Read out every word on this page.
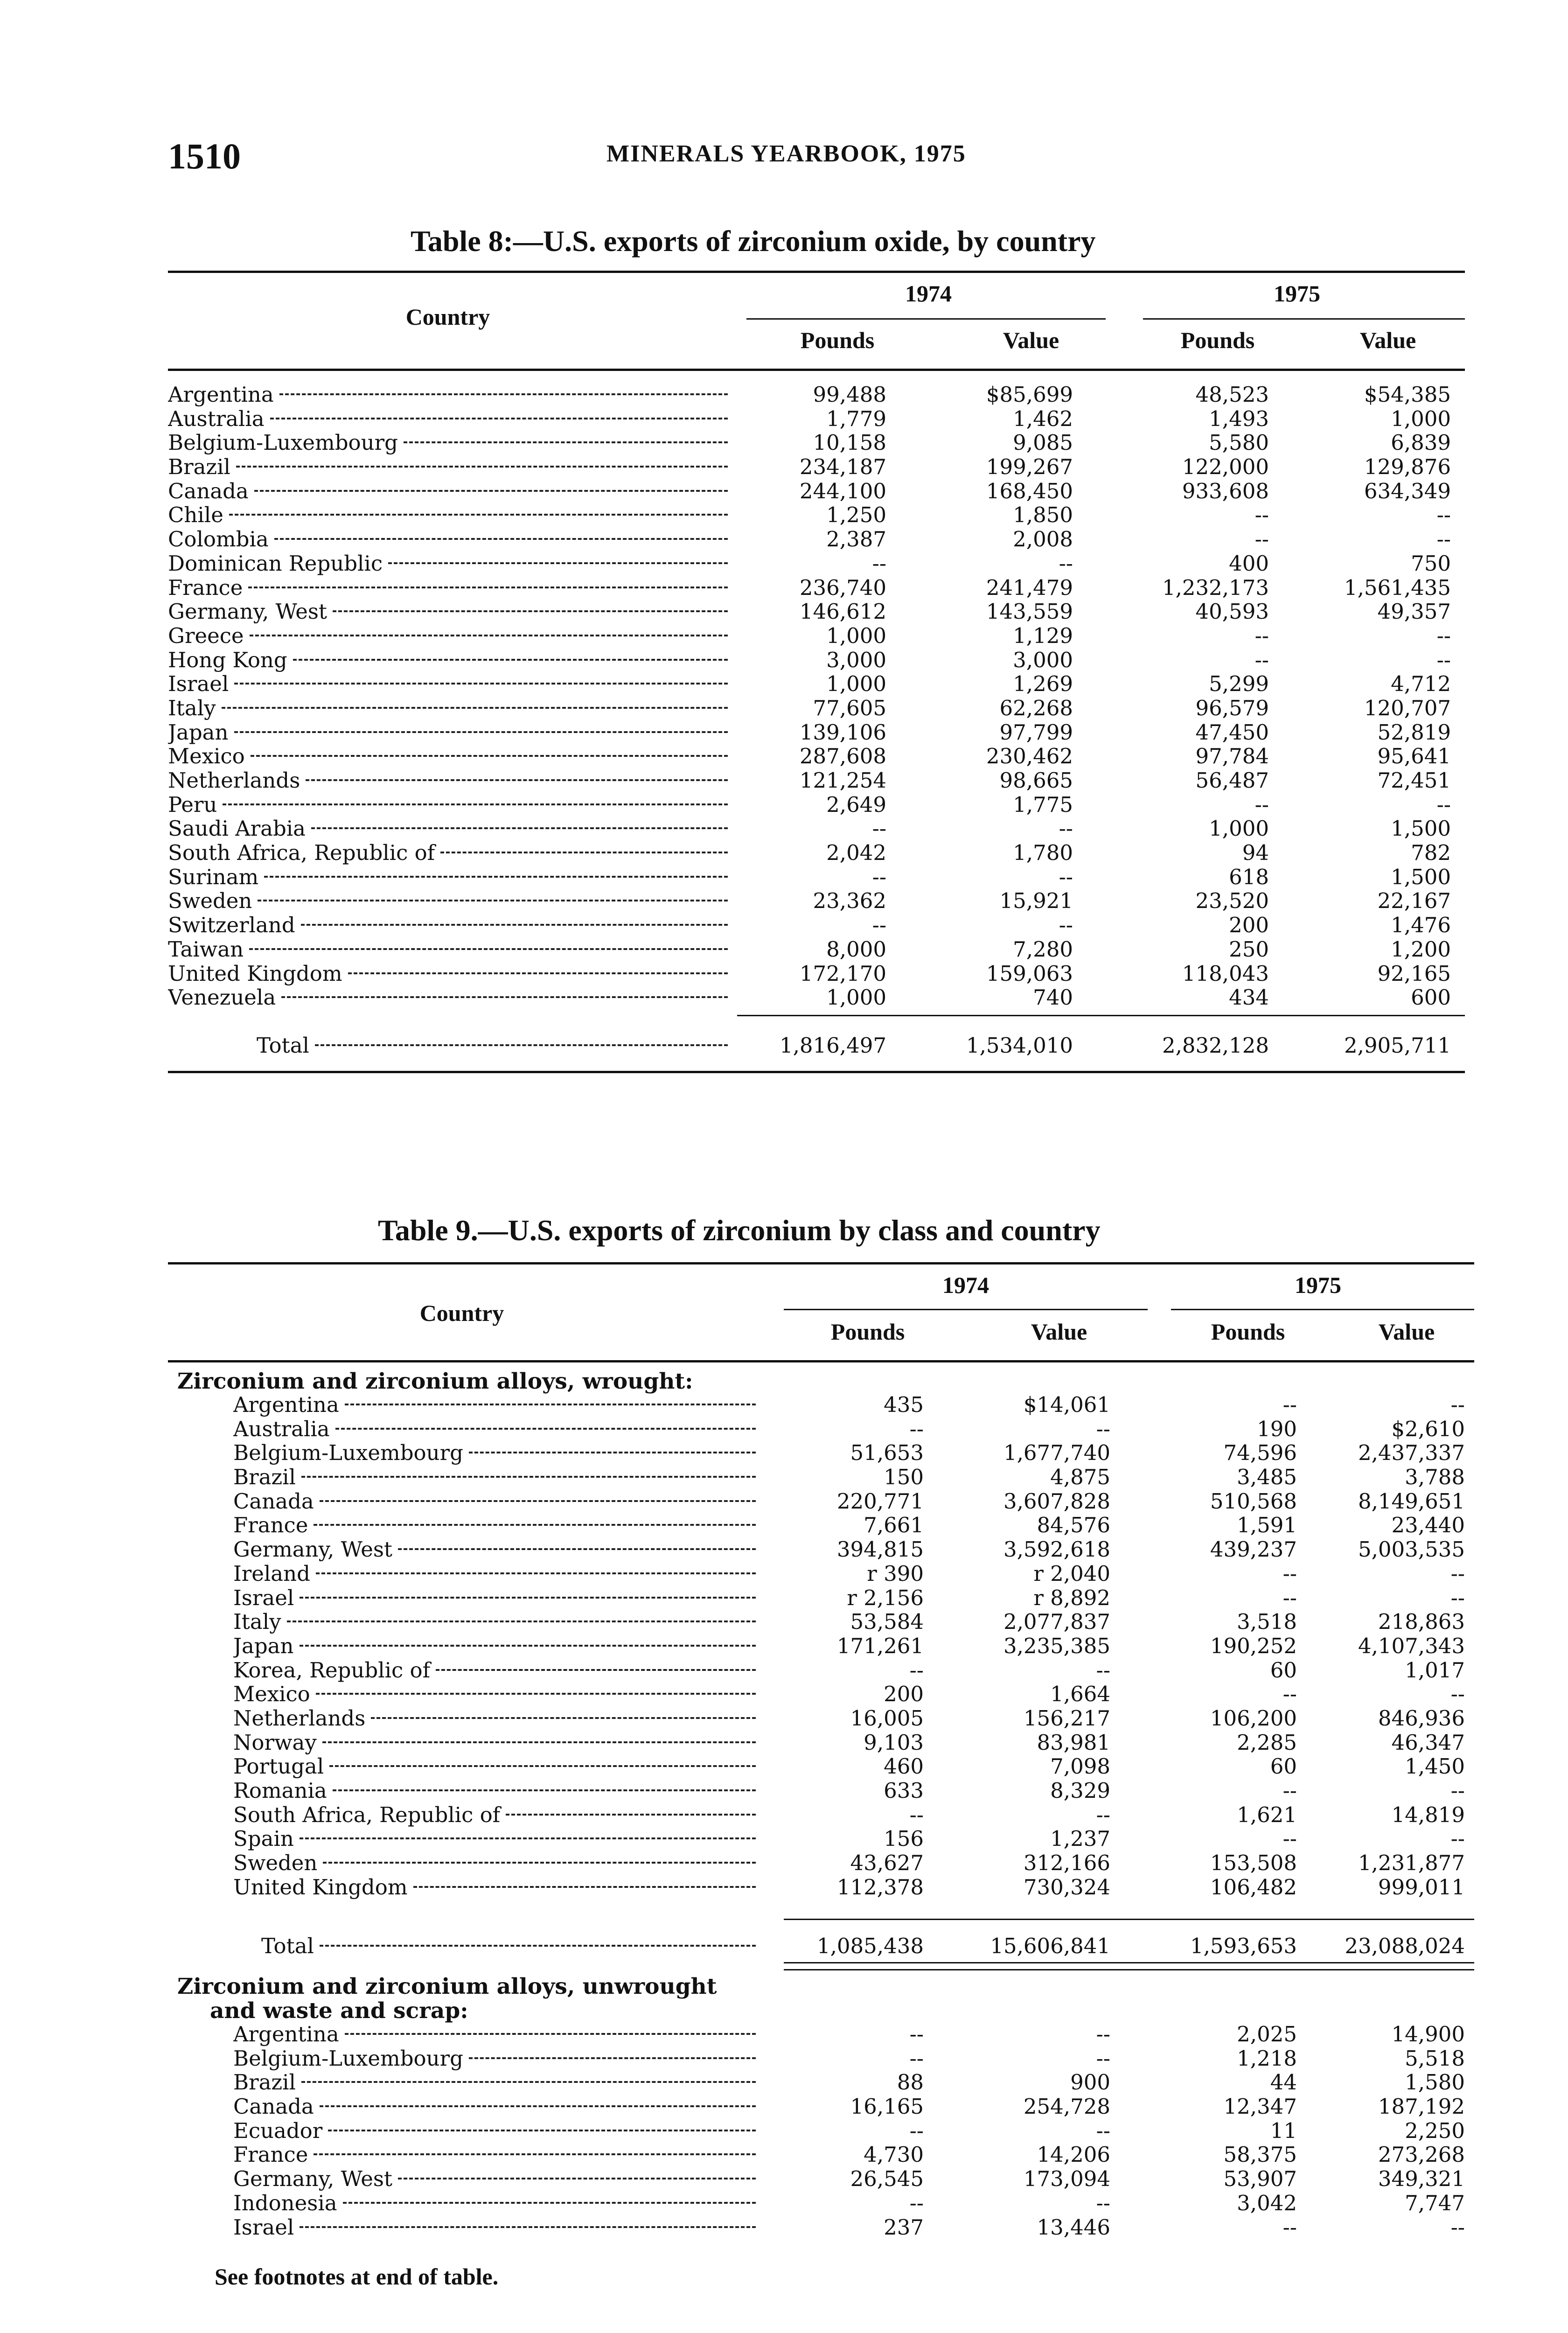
1510	MINERALS YEARBOOK, 1975
Table 8:—U.S. exports of zirconium oxide, by country
Country
1974	1975
Pounds	Value	Pounds	Value
Argentina	99,488	$85,699	48,523	$54,385
Australia	1,779	1,462	1,493	1,000
Belgium-Luxembourg	10,158	9,085	5,580	6,839
Brazil	234,187	199,267	122,000	129,876
Canada	244,100	168,450	933,608	634,349
Chile	1,250	1,850	--	--
Colombia	2,387	2,008	--	--
Dominican Republic	--	--	400	750
France	236,740	241,479	1,232,173	1,561,435
Germany, West	146,612	143,559	40,593	49,357
Greece	1,000	1,129	--	--
Hong Kong	3,000	3,000	--	--
Israel	1,000	1,269	5,299	4,712
Italy	77,605	62,268	96,579	120,707
Japan	139,106	97,799	47,450	52,819
Mexico	287,608	230,462	97,784	95,641
Netherlands	121,254	98,665	56,487	72,451
Peru	2,649	1,775	--	--
Saudi Arabia	--	--	1,000	1,500
South Africa, Republic of	2,042	1,780	94	782
Surinam	--	--	618	1,500
Sweden	23,362	15,921	23,520	22,167
Switzerland	--	--	200	1,476
Taiwan	8,000	7,280	250	1,200
United Kingdom	172,170	159,063	118,043	92,165
Venezuela	1,000	740	434	600
Total	1,816,497	1,534,010	2,832,128	2,905,711
Table 9.—U.S. exports of zirconium by class and country
Country
1974	1975
Pounds	Value	Pounds	Value
Zirconium and zirconium alloys, wrought:
Argentina	435	$14,061	--	--
Australia	--	--	190	$2,610
Belgium-Luxembourg	51,653	1,677,740	74,596	2,437,337
Brazil	150	4,875	3,485	3,788
Canada	220,771	3,607,828	510,568	8,149,651
France	7,661	84,576	1,591	23,440
Germany, West	394,815	3,592,618	439,237	5,003,535
Ireland	r 390	r 2,040	--	--
Israel	r 2,156	r 8,892	--	--
Italy	53,584	2,077,837	3,518	218,863
Japan	171,261	3,235,385	190,252	4,107,343
Korea, Republic of	--	--	60	1,017
Mexico	200	1,664	--	--
Netherlands	16,005	156,217	106,200	846,936
Norway	9,103	83,981	2,285	46,347
Portugal	460	7,098	60	1,450
Romania	633	8,329	--	--
South Africa, Republic of	--	--	1,621	14,819
Spain	156	1,237	--	--
Sweden	43,627	312,166	153,508	1,231,877
United Kingdom	112,378	730,324	106,482	999,011
Total	1,085,438	15,606,841	1,593,653	23,088,024
Zirconium and zirconium alloys, unwrought
and waste and scrap:
Argentina	--	--	2,025	14,900
Belgium-Luxembourg	--	--	1,218	5,518
Brazil	88	900	44	1,580
Canada	16,165	254,728	12,347	187,192
Ecuador	--	--	11	2,250
France	4,730	14,206	58,375	273,268
Germany, West	26,545	173,094	53,907	349,321
Indonesia	--	--	3,042	7,747
Israel	237	13,446	--	--
See footnotes at end of table.
